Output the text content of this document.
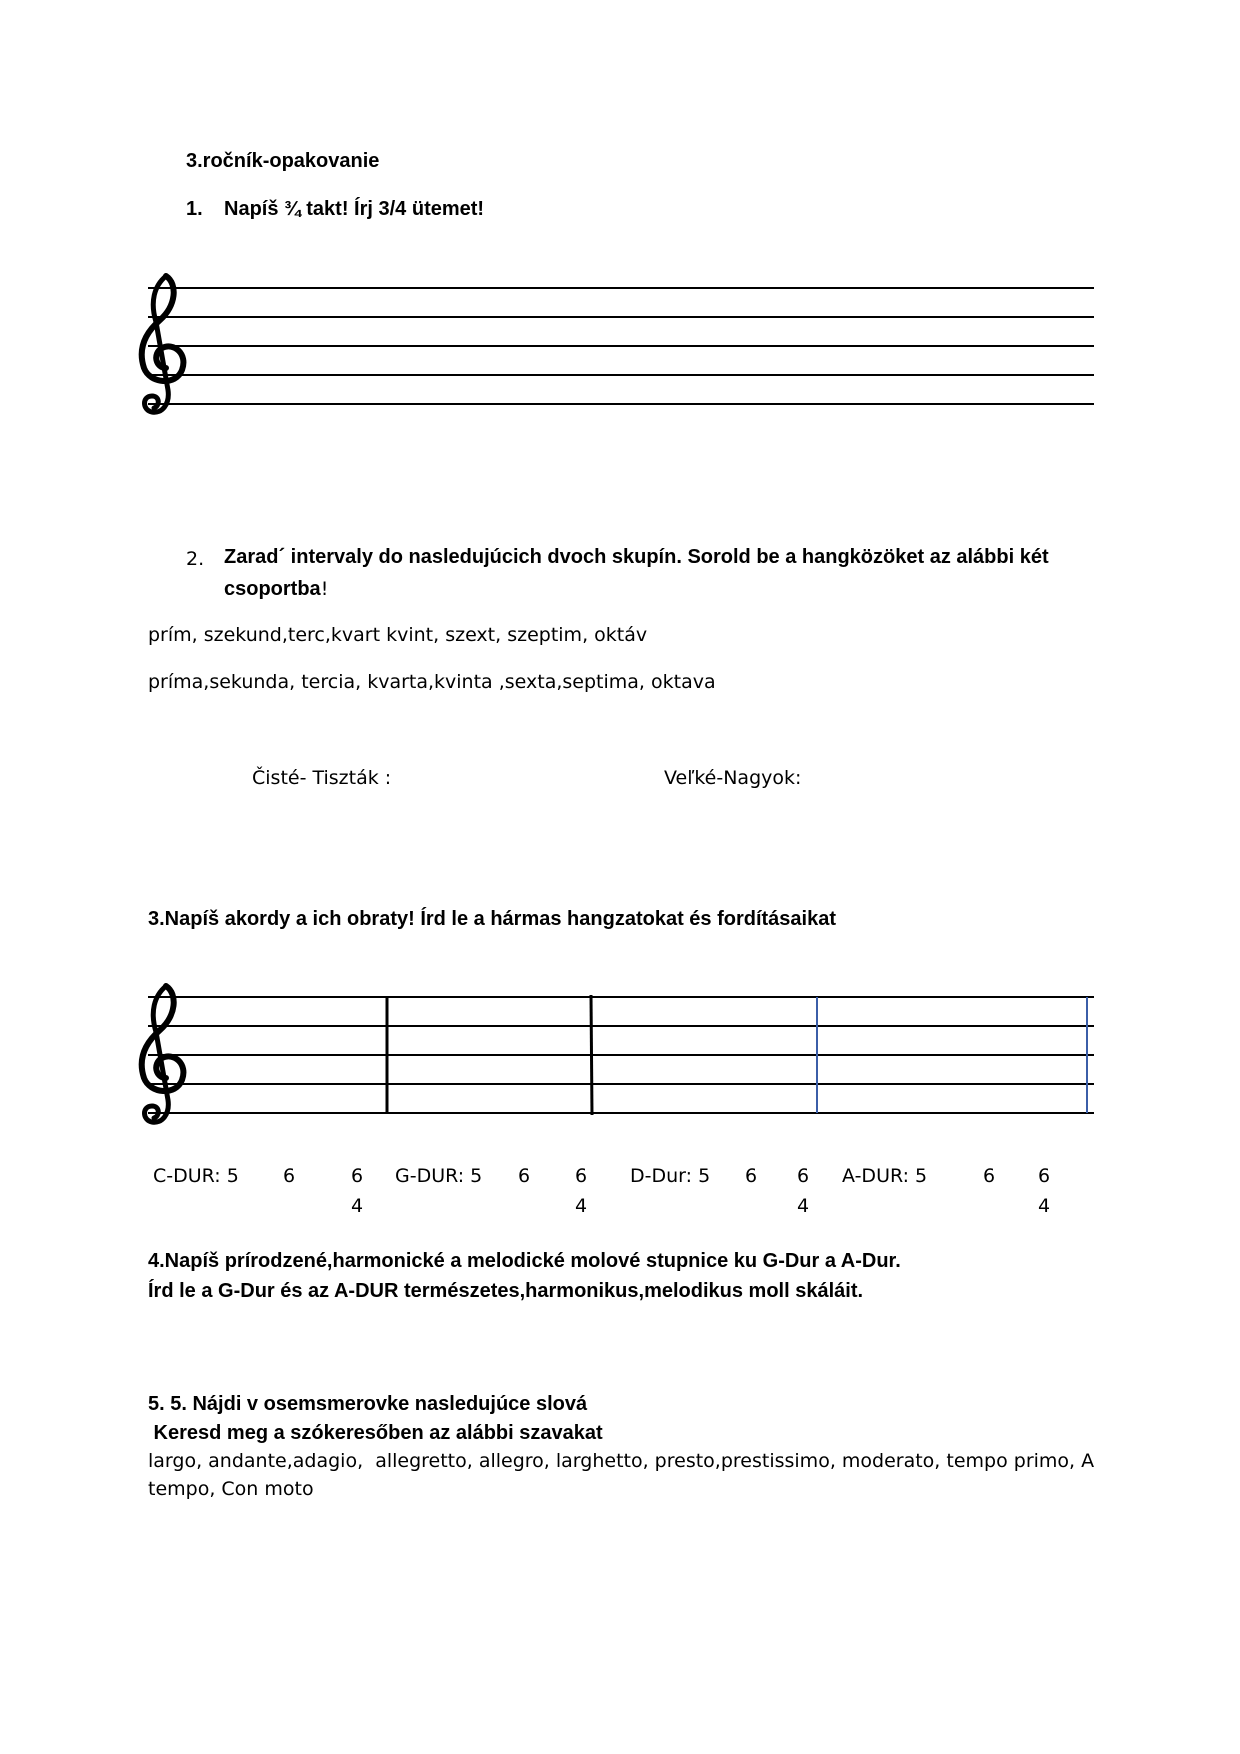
3.ročník-opakovanie
1. Napíš ¾ takt! Írj 3/4 ütemet!
2. Zarad´ intervaly do nasledujúcich dvoch skupín. Sorold be a hangközöket az alábbi két
csoportba!
prím, szekund,terc,kvart kvint, szext, szeptim, oktáv
príma,sekunda, tercia, kvarta,kvinta ,sexta,septima, oktava
Čisté- Tiszták :	Veľké-Nagyok:
3.Napíš akordy a ich obraty! Írd le a hármas hangzatokat és fordításaikat
C-DUR: 5 6	6
4
G-DUR: 5 6 6
4
D-Dur: 5 6 6
4
A-DUR: 5	6 6
4
4.Napíš prírodzené,harmonické a melodické molové stupnice ku G-Dur a A-Dur.
Írd le a G-Dur és az A-DUR természetes,harmonikus,melodikus moll skáláit.
5. 5. Nájdi v osemsmerovke nasledujúce slová
Keresd meg a szókeresőben az alábbi szavakat
largo, andante,adagio,  allegretto, allegro, larghetto, presto,prestissimo, moderato, tempo primo, A
tempo, Con moto
